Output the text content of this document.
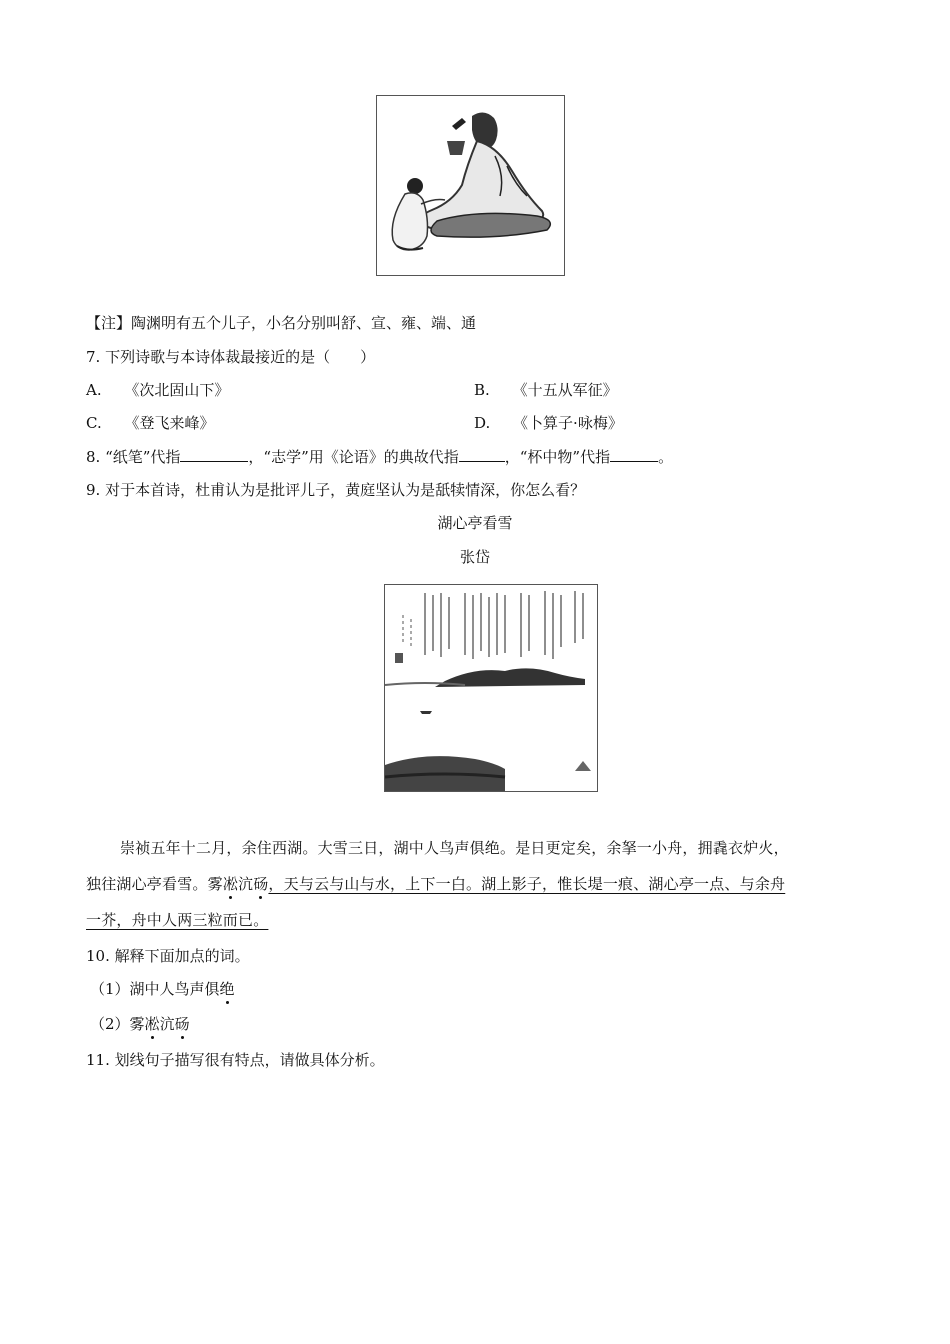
【注】陶渊明有五个儿子，小名分别叫舒、宣、雍、端、通
7. 下列诗歌与本诗体裁最接近的是（　　）
A. 《次北固山下》	B. 《十五从军征》
C. 《登飞来峰》	D. 《卜算子·咏梅》
8. “纸笔”代指	，“志学”用《论语》的典故代指	，“杯中物”代指	。
9. 对于本首诗，杜甫认为是批评儿子，黄庭坚认为是舐犊情深，你怎么看？
湖心亭看雪
张岱
崇祯五年十二月，余住西湖。大雪三日，湖中人鸟声俱绝。是日更定矣，余拏一小舟，拥毳衣炉火，
独往湖心亭看雪。雾凇沆砀，天与云与山与水，上下一白。湖上影子，惟长堤一痕、湖心亭一点、与余舟
一芥，舟中人两三粒而已。
10. 解释下面加点的词。
（1）湖中人鸟声俱绝
（2）雾凇沆砀
11. 划线句子描写很有特点，请做具体分析。
